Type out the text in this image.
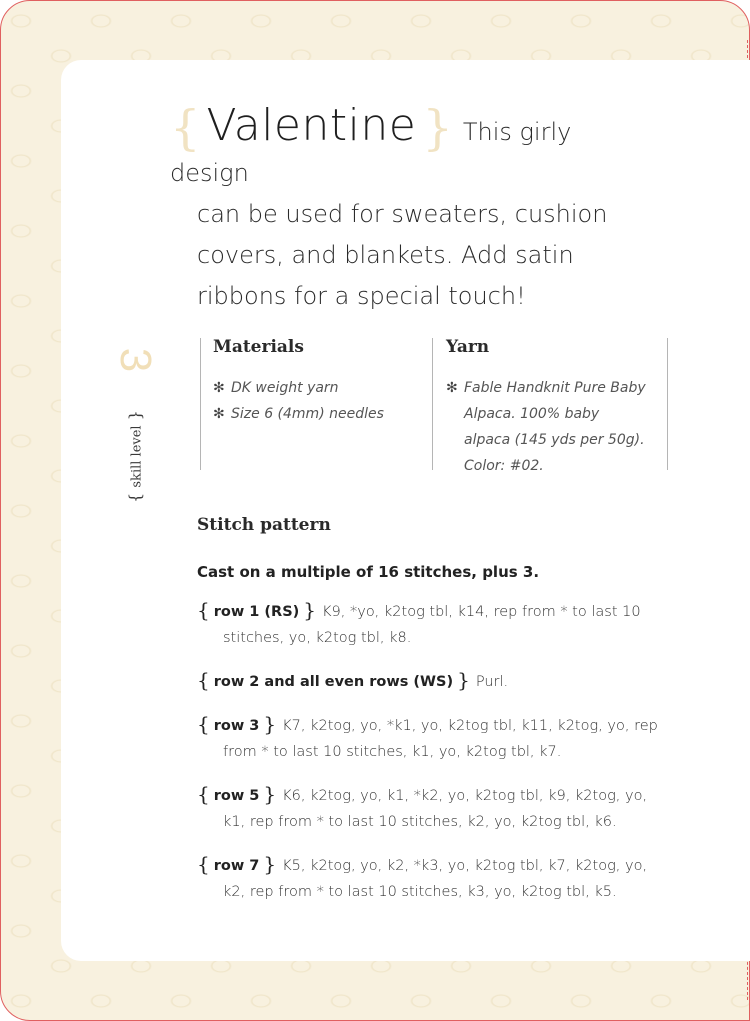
{ Valentine } This girly design
can be used for sweaters, cushion covers, and blankets. Add satin ribbons for a special touch!
3
{ skill level }
Materials
✻ DK weight yarn
✻ Size 6 (4mm) needles
Yarn
✻ Fable Handknit Pure Baby Alpaca. 100% baby alpaca (145 yds per 50g). Color: #02.
Stitch pattern
Cast on a multiple of 16 stitches, plus 3.
{ row 1 (RS) } K9, *yo, k2tog tbl, k14, rep from * to last 10 stitches, yo, k2tog tbl, k8.
{ row 2 and all even rows (WS) } Purl.
{ row 3 } K7, k2tog, yo, *k1, yo, k2tog tbl, k11, k2tog, yo, rep from * to last 10 stitches, k1, yo, k2tog tbl, k7.
{ row 5 } K6, k2tog, yo, k1, *k2, yo, k2tog tbl, k9, k2tog, yo, k1, rep from * to last 10 stitches, k2, yo, k2tog tbl, k6.
{ row 7 } K5, k2tog, yo, k2, *k3, yo, k2tog tbl, k7, k2tog, yo, k2, rep from * to last 10 stitches, k3, yo, k2tog tbl, k5.
